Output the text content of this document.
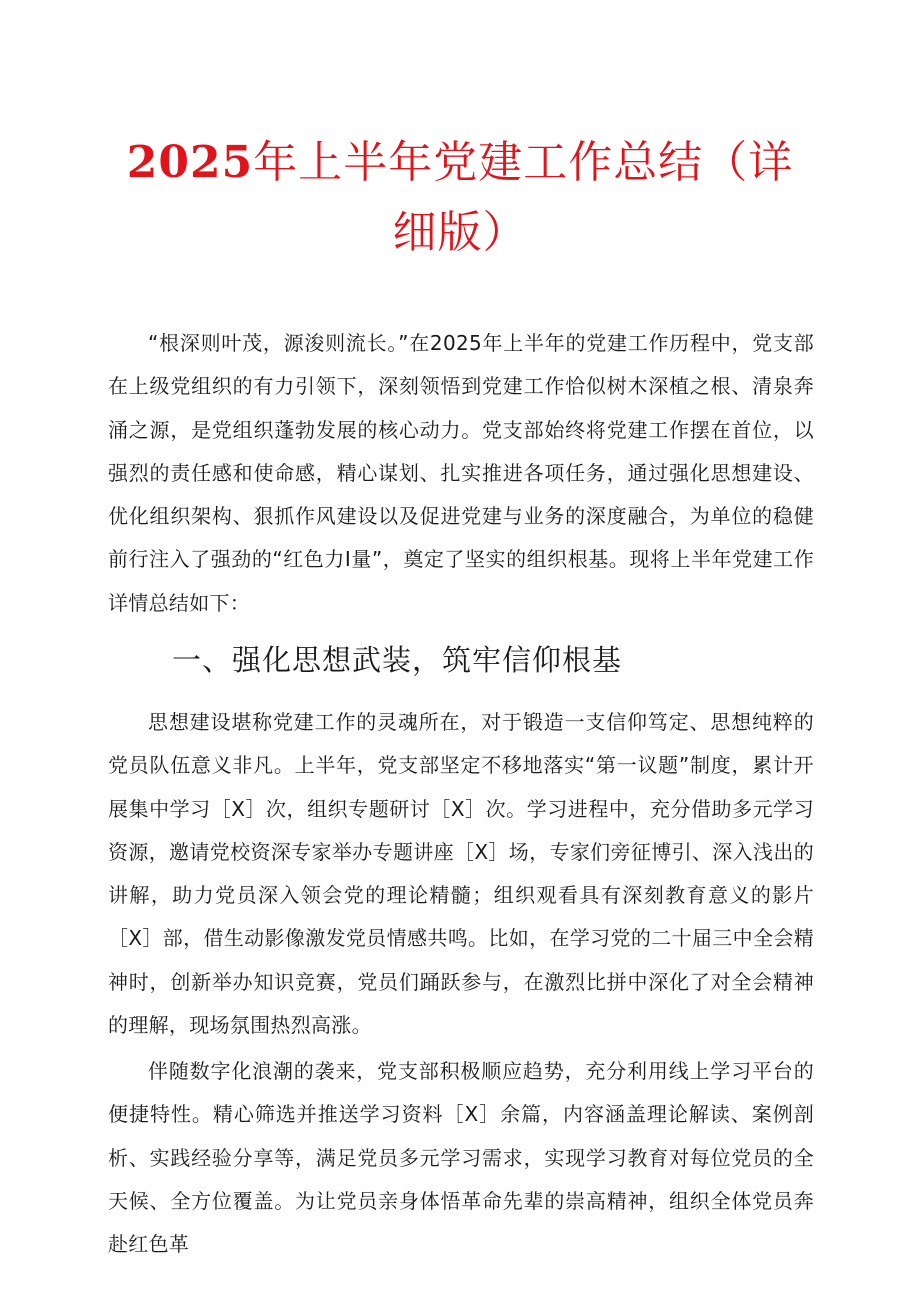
2025年上半年党建工作总结（详细版）

“根深则叶茂，源浚则流长。”在2025年上半年的党建工作历程中，党支部在上级党组织的有力引领下，深刻领悟到党建工作恰似树木深植之根、清泉奔涌之源，是党组织蓬勃发展的核心动力。党支部始终将党建工作摆在首位，以强烈的责任感和使命感，精心谋划、扎实推进各项任务，通过强化思想建设、优化组织架构、狠抓作风建设以及促进党建与业务的深度融合，为单位的稳健前行注入了强劲的“红色力I量”，奠定了坚实的组织根基。现将上半年党建工作详情总结如下：

一、强化思想武装，筑牢信仰根基

思想建设堪称党建工作的灵魂所在，对于锻造一支信仰笃定、思想纯粹的党员队伍意义非凡。上半年，党支部坚定不移地落实“第一议题”制度，累计开展集中学习［X］次，组织专题研讨［X］次。学习进程中，充分借助多元学习资源，邀请党校资深专家举办专题讲座［X］场，专家们旁征博引、深入浅出的讲解，助力党员深入领会党的理论精髓；组织观看具有深刻教育意义的影片［X］部，借生动影像激发党员情感共鸣。比如，在学习党的二十届三中全会精神时，创新举办知识竞赛，党员们踊跃参与，在激烈比拼中深化了对全会精神的理解，现场氛围热烈高涨。

伴随数字化浪潮的袭来，党支部积极顺应趋势，充分利用线上学习平台的便捷特性。精心筛选并推送学习资料［X］余篇，内容涵盖理论解读、案例剖析、实践经验分享等，满足党员多元学习需求，实现学习教育对每位党员的全天候、全方位覆盖。为让党员亲身体悟革命先辈的崇高精神，组织全体党员奔赴红色革
